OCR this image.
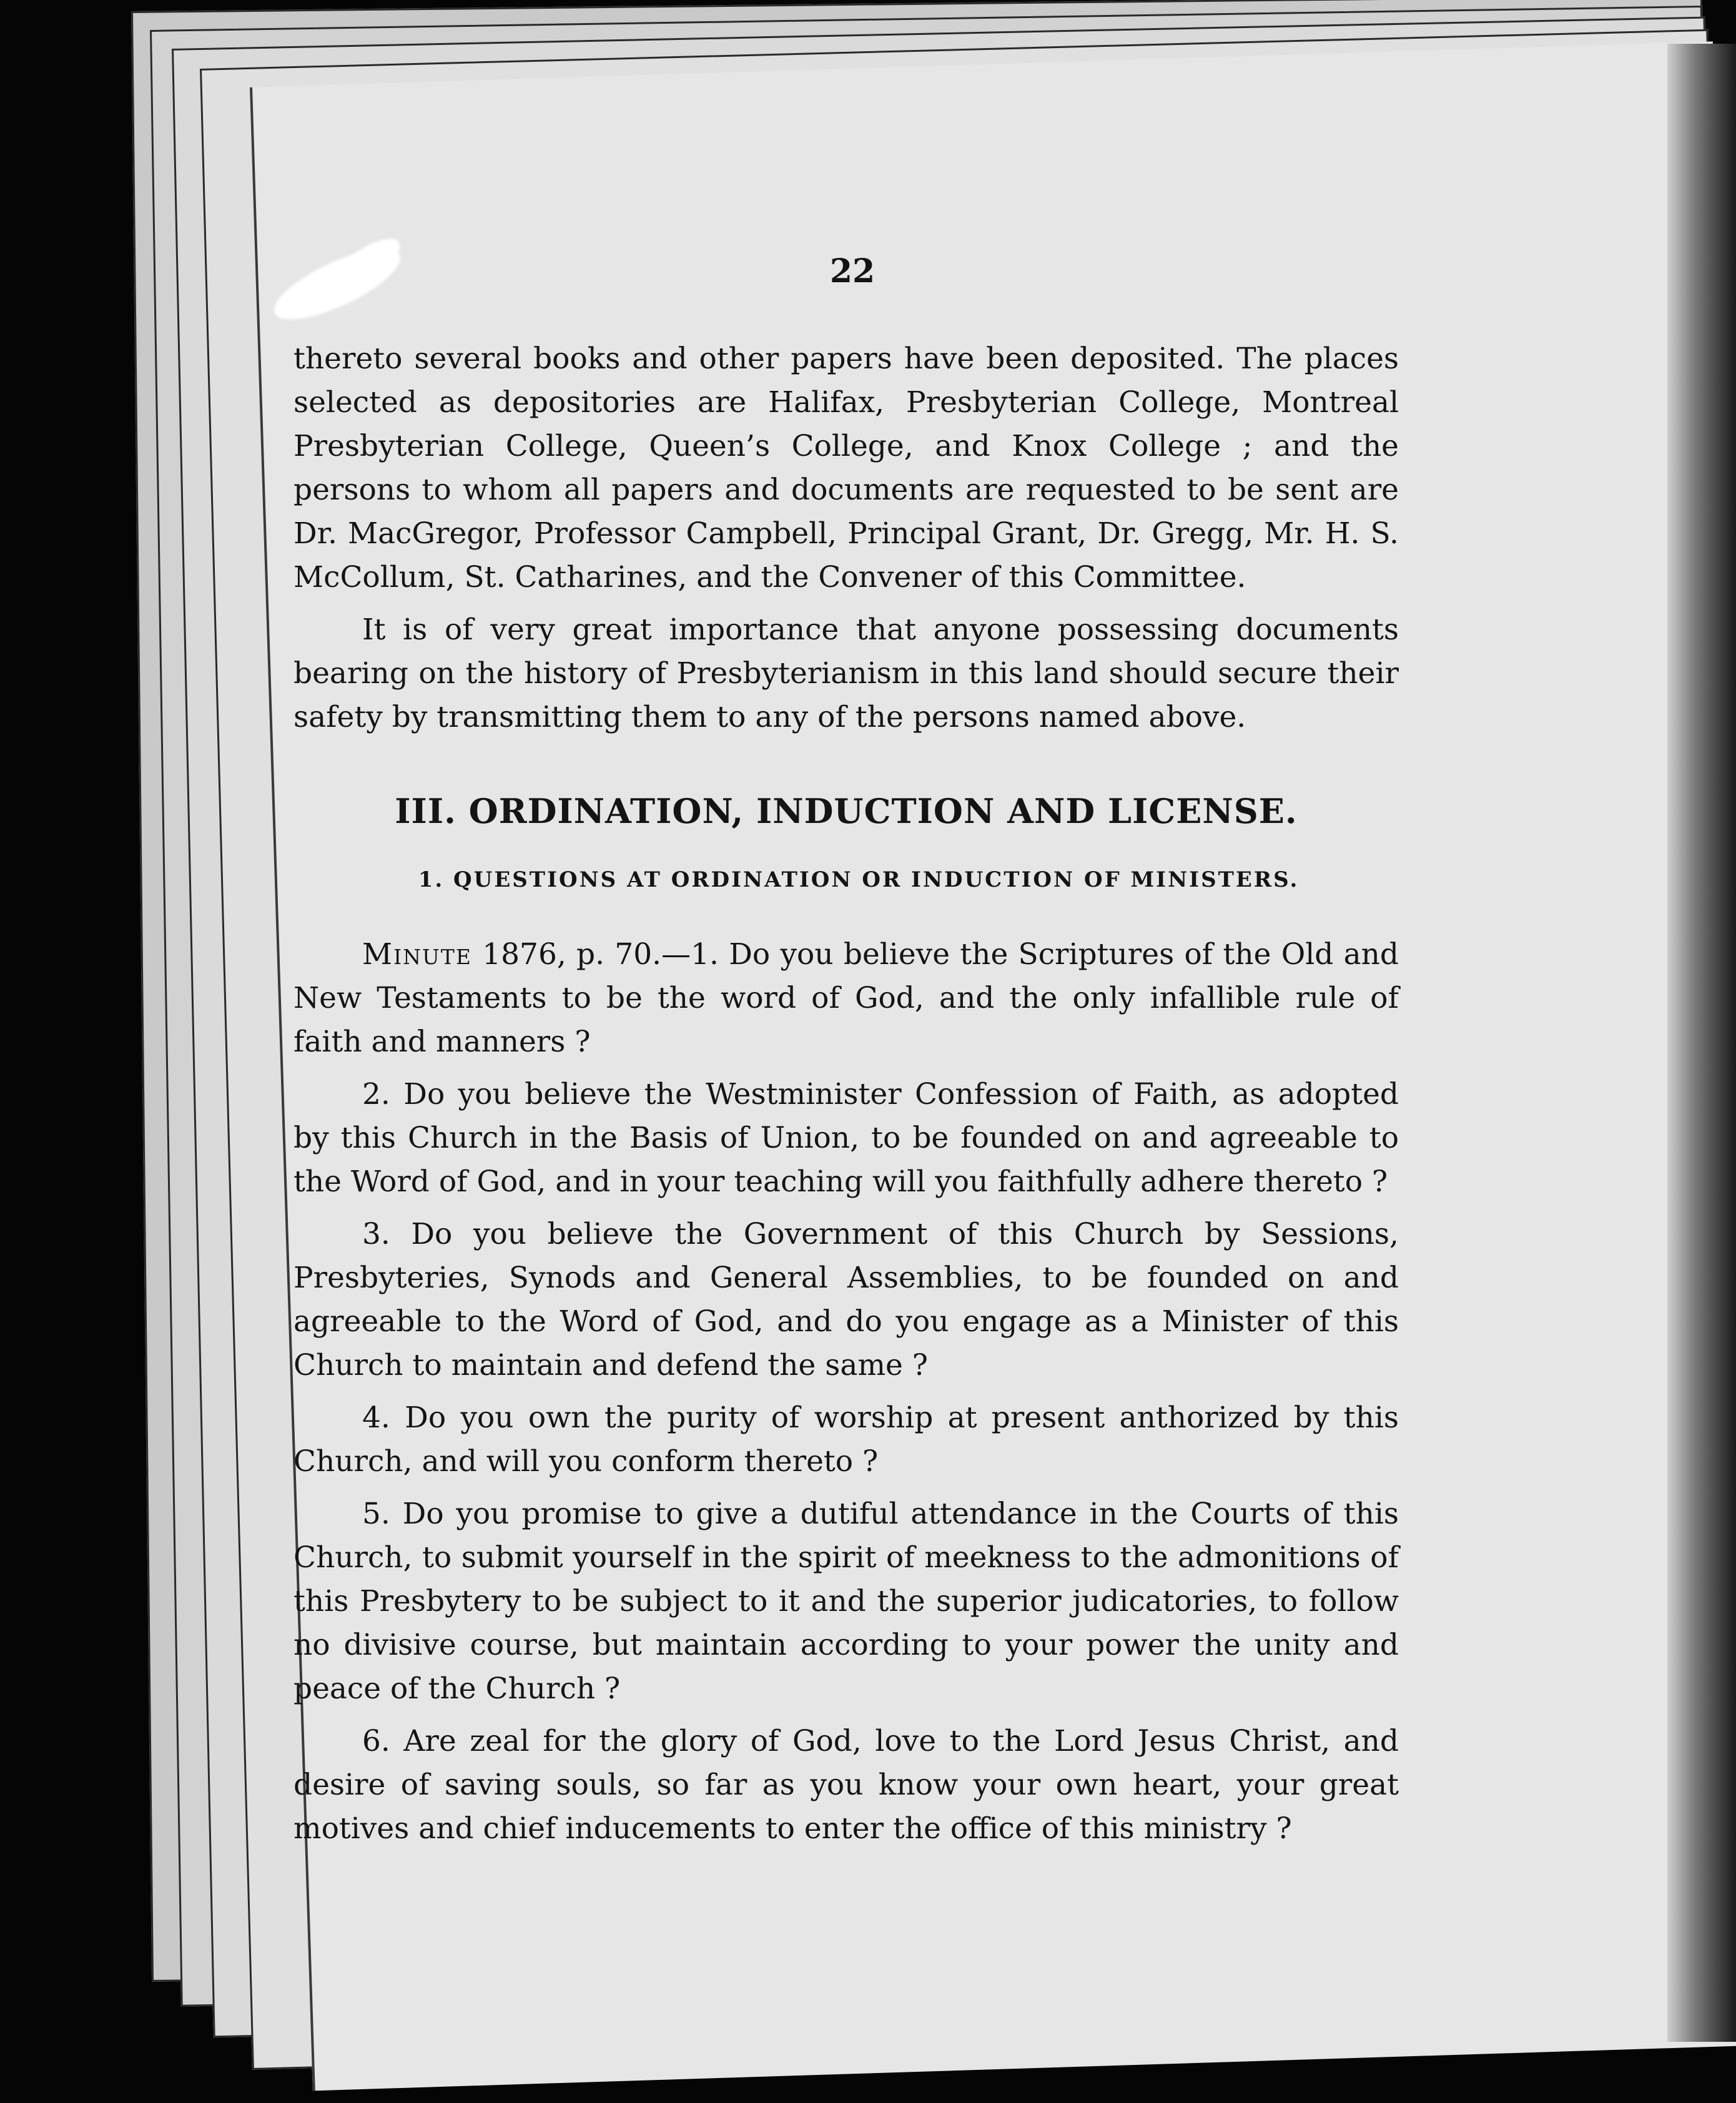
22

thereto several books and other papers have been deposited. The places selected as depositories are Halifax, Presbyterian College, Montreal Presbyterian College, Queen’s College, and Knox College ; and the persons to whom all papers and documents are requested to be sent are Dr. MacGregor, Professor Campbell, Principal Grant, Dr. Gregg, Mr. H. S. McCollum, St. Catharines, and the Convener of this Committee.

It is of very great importance that anyone possessing documents bearing on the history of Presbyterianism in this land should secure their safety by transmitting them to any of the persons named above.

III. ORDINATION, INDUCTION AND LICENSE.
1. QUESTIONS AT ORDINATION OR INDUCTION OF MINISTERS.

Minute 1876, p. 70.—1. Do you believe the Scriptures of the Old and New Testaments to be the word of God, and the only infallible rule of faith and manners ?

2. Do you believe the Westminister Confession of Faith, as adopted by this Church in the Basis of Union, to be founded on and agreeable to the Word of God, and in your teaching will you faithfully adhere thereto ?

3. Do you believe the Government of this Church by Sessions, Presbyteries, Synods and General Assemblies, to be founded on and agreeable to the Word of God, and do you engage as a Minister of this Church to maintain and defend the same ?

4. Do you own the purity of worship at present anthorized by this Church, and will you conform thereto ?

5. Do you promise to give a dutiful attendance in the Courts of this Church, to submit yourself in the spirit of meekness to the admonitions of this Presbytery to be subject to it and the superior judicatories, to follow no divisive course, but maintain according to your power the unity and peace of the Church ?

6. Are zeal for the glory of God, love to the Lord Jesus Christ, and desire of saving souls, so far as you know your own heart, your great motives and chief inducements to enter the office of this ministry ?
